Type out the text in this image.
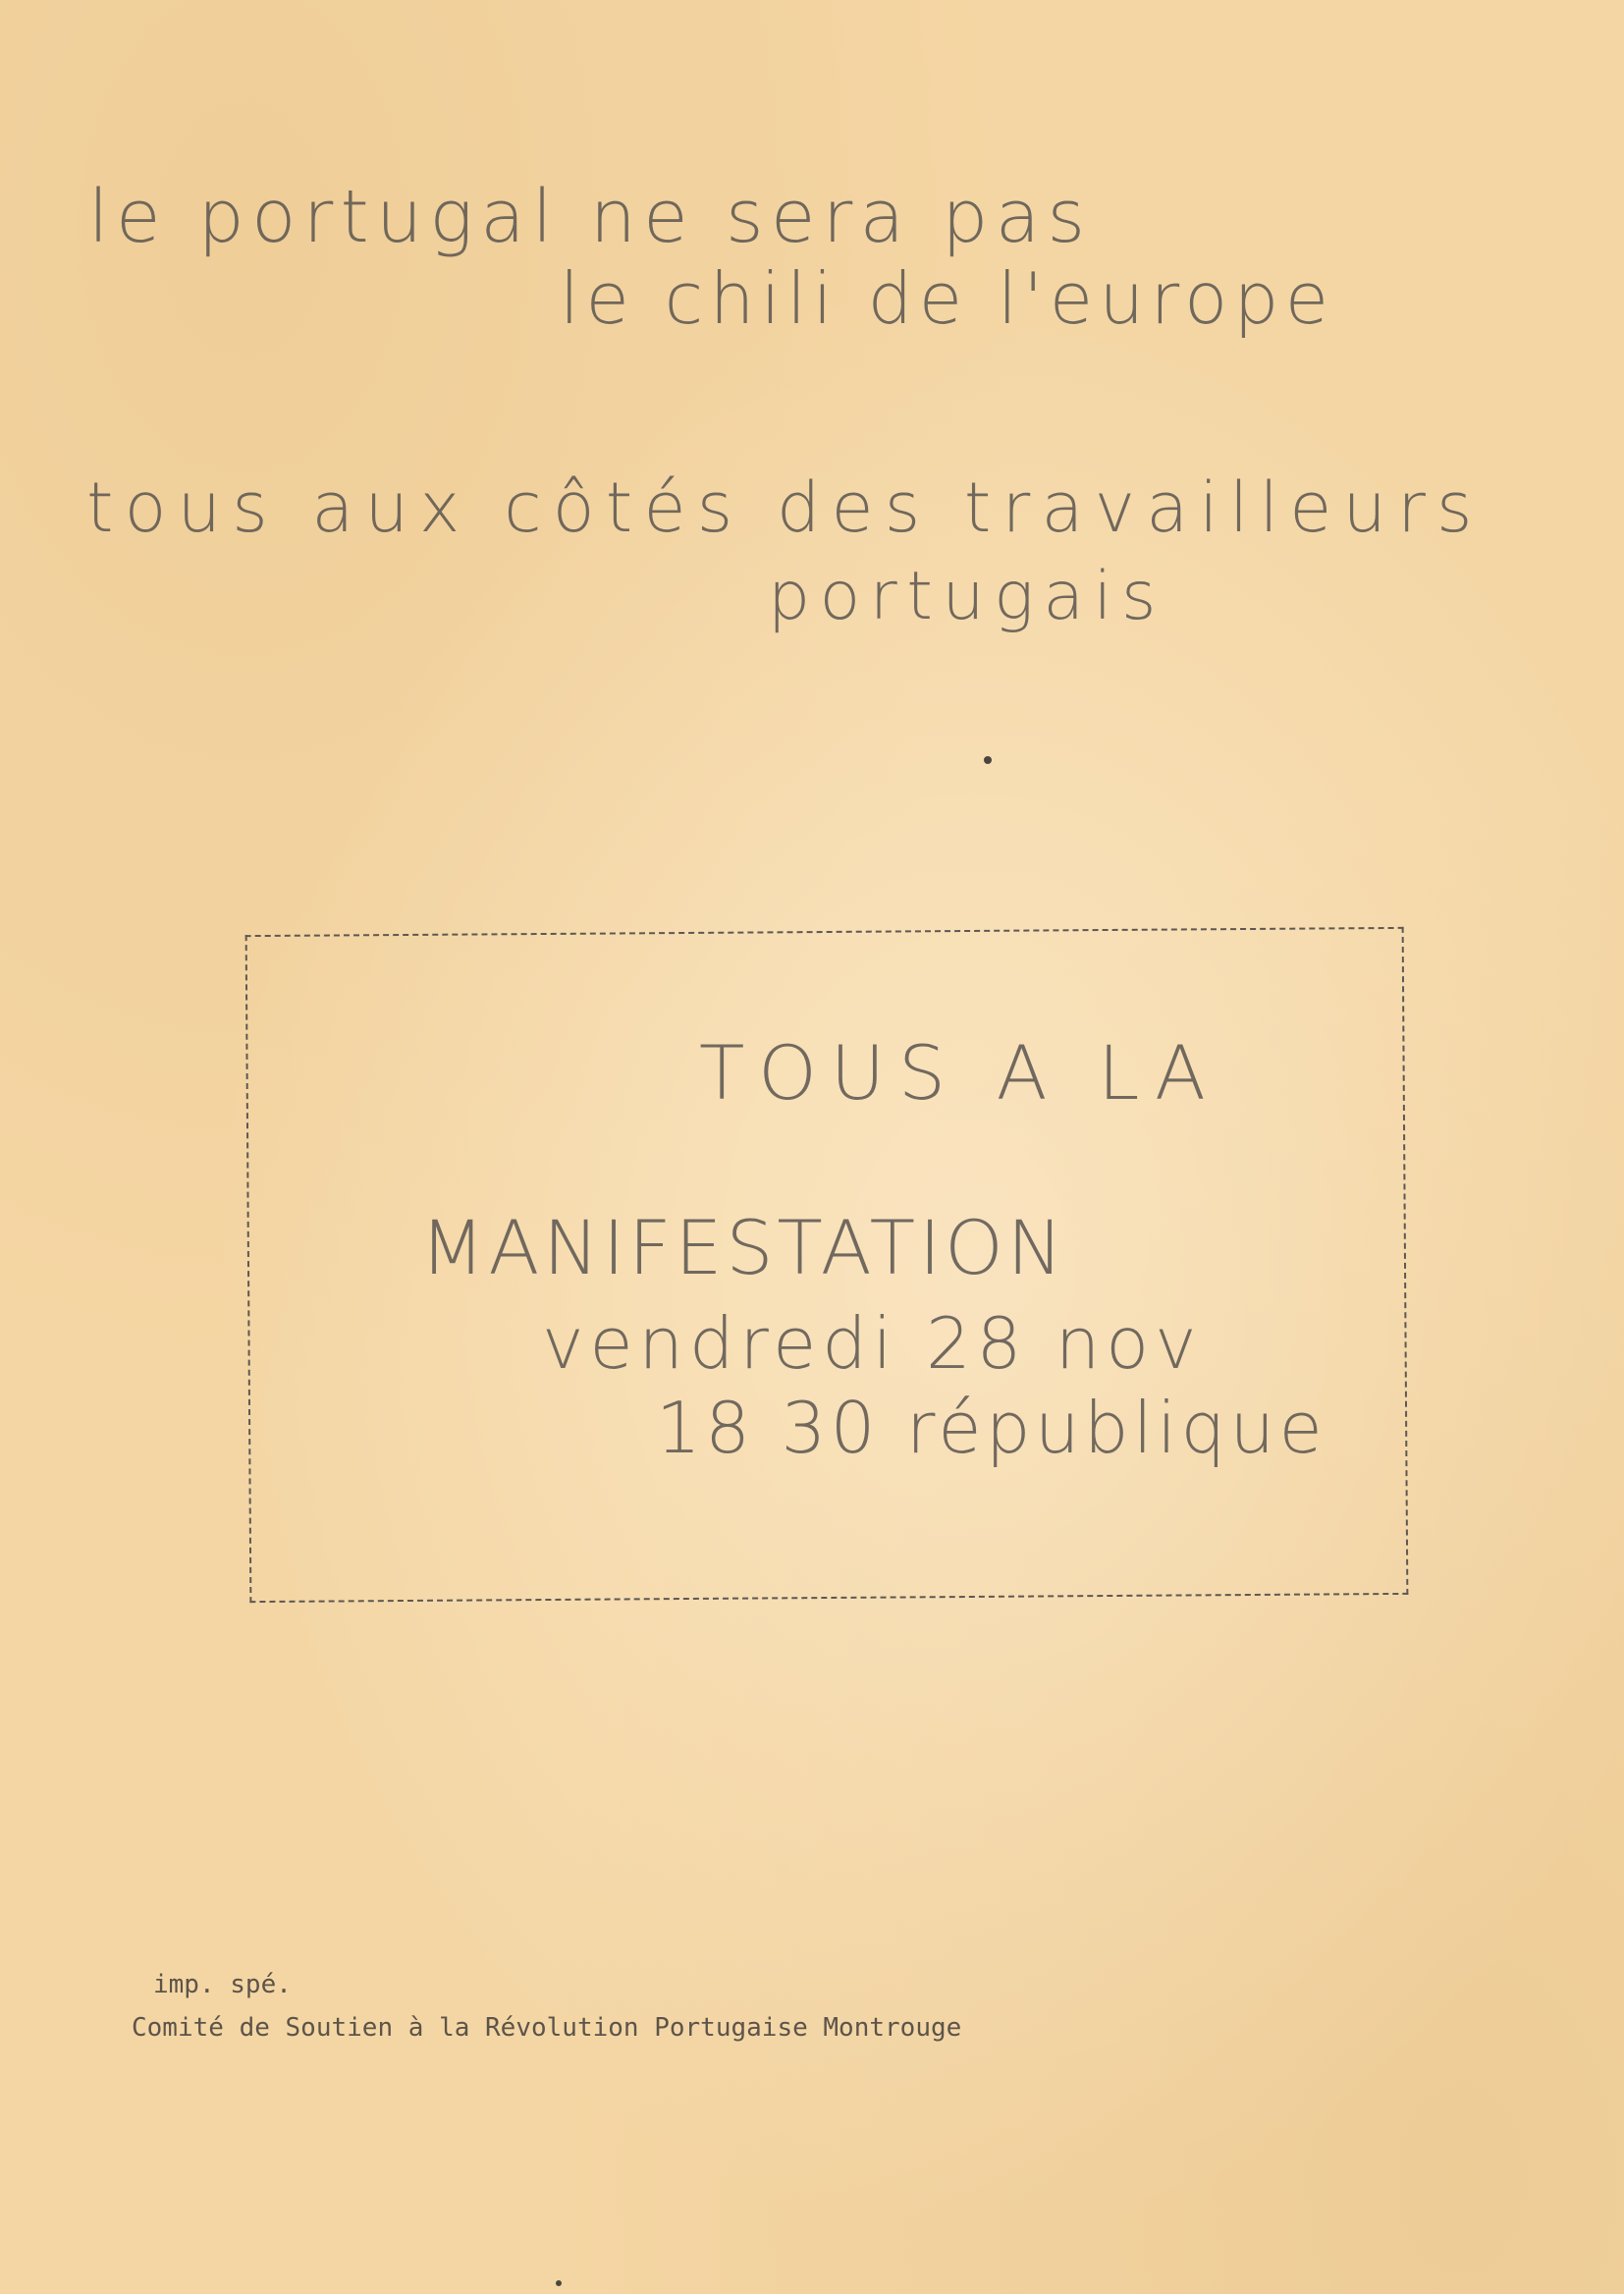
le portugal ne sera pas
le chili de l'europe
tous aux côtés des travailleurs
portugais
TOUS A LA
MANIFESTATION
vendredi 28 nov
18 30 république
imp. spé.
Comité de Soutien à la Révolution Portugaise Montrouge
